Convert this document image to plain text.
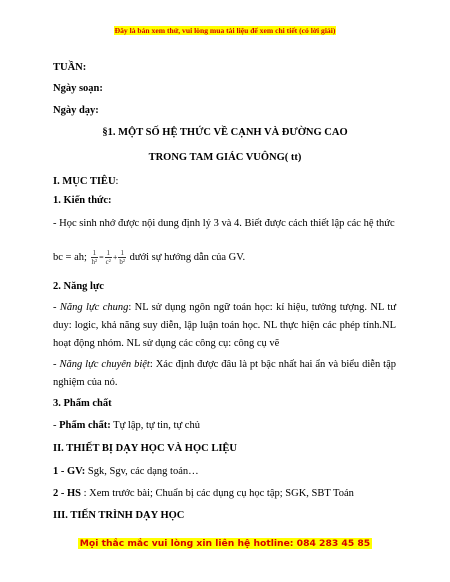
Đây là bản xem thử, vui lòng mua tài liệu để xem chi tiết (có lời giải)
TUẦN:
Ngày soạn:
Ngày dạy:
§1. MỘT SỐ HỆ THỨC VỀ CẠNH VÀ ĐƯỜNG CAO
TRONG TAM GIÁC VUÔNG( tt)
I. MỤC TIÊU:
1. Kiến thức:
- Học sinh nhớ được nội dung định lý 3 và 4. Biết được cách thiết lập các hệ thức
bc = ah; $\frac{1}{\text{h²}} = \frac{1}{\text{c²}} + \frac{1}{\text{b²}}$ dưới sự hướng dẫn của GV.
2. Năng lực
- Năng lực chung: NL sử dụng ngôn ngữ toán học: kí hiệu, tưởng tượng. NL tư duy: logic, khả năng suy diễn, lập luận toán học. NL thực hiện các phép tính.NL hoạt động nhóm. NL sử dụng các công cụ: công cụ vẽ
- Năng lực chuyên biệt: Xác định được đâu là pt bậc nhất hai ẩn và biểu diễn tập nghiệm của nó.
3. Phẩm chất
- Phẩm chất: Tự lập, tự tin, tự chủ
II. THIẾT BỊ DẠY HỌC VÀ HỌC LIỆU
1 - GV: Sgk, Sgv, các dạng toán…
2 - HS : Xem trước bài; Chuẩn bị các dụng cụ học tập; SGK, SBT Toán
III. TIẾN TRÌNH DẠY HỌC
Mọi thắc mắc vui lòng xin liên hệ hotline: 084 283 45 85
